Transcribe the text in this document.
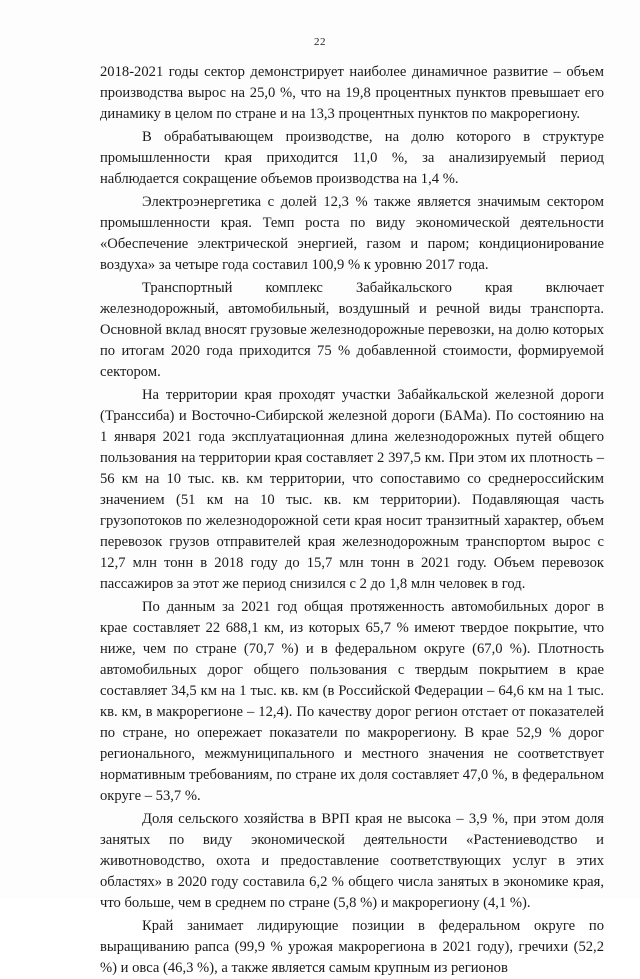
22

2018-2021 годы сектор демонстрирует наиболее динамичное развитие – объем производства вырос на 25,0 %, что на 19,8 процентных пунктов превышает его динамику в целом по стране и на 13,3 процентных пунктов по макрорегиону.

В обрабатывающем производстве, на долю которого в структуре промышленности края приходится 11,0 %, за анализируемый период наблюдается сокращение объемов производства на 1,4 %.

Электроэнергетика с долей 12,3 % также является значимым сектором промышленности края. Темп роста по виду экономической деятельности «Обеспечение электрической энергией, газом и паром; кондиционирование воздуха» за четыре года составил 100,9 % к уровню 2017 года.

Транспортный комплекс Забайкальского края включает железнодорожный, автомобильный, воздушный и речной виды транспорта. Основной вклад вносят грузовые железнодорожные перевозки, на долю которых по итогам 2020 года приходится 75 % добавленной стоимости, формируемой сектором.

На территории края проходят участки Забайкальской железной дороги (Транссиба) и Восточно-Сибирской железной дороги (БАМа). По состоянию на 1 января 2021 года эксплуатационная длина железнодорожных путей общего пользования на территории края составляет 2 397,5 км. При этом их плотность – 56 км на 10 тыс. кв. км территории, что сопоставимо со среднероссийским значением (51 км на 10 тыс. кв. км территории). Подавляющая часть грузопотоков по железнодорожной сети края носит транзитный характер, объем перевозок грузов отправителей края железнодорожным транспортом вырос с 12,7 млн тонн в 2018 году до 15,7 млн тонн в 2021 году. Объем перевозок пассажиров за этот же период снизился с 2 до 1,8 млн человек в год.

По данным за 2021 год общая протяженность автомобильных дорог в крае составляет 22 688,1 км, из которых 65,7 % имеют твердое покрытие, что ниже, чем по стране (70,7 %) и в федеральном округе (67,0 %). Плотность автомобильных дорог общего пользования с твердым покрытием в крае составляет 34,5 км на 1 тыс. кв. км (в Российской Федерации – 64,6 км на 1 тыс. кв. км, в макрорегионе – 12,4). По качеству дорог регион отстает от показателей по стране, но опережает показатели по макрорегиону. В крае 52,9 % дорог регионального, межмуниципального и местного значения не соответствует нормативным требованиям, по стране их доля составляет 47,0 %, в федеральном округе – 53,7 %.

Доля сельского хозяйства в ВРП края не высока – 3,9 %, при этом доля занятых по виду экономической деятельности «Растениеводство и животноводство, охота и предоставление соответствующих услуг в этих областях» в 2020 году составила 6,2 % общего числа занятых в экономике края, что больше, чем в среднем по стране (5,8 %) и макрорегиону (4,1 %).

Край занимает лидирующие позиции в федеральном округе по выращиванию рапса (99,9 % урожая макрорегиона в 2021 году), гречихи (52,2 %) и овса (46,3 %), а также является самым крупным из регионов
